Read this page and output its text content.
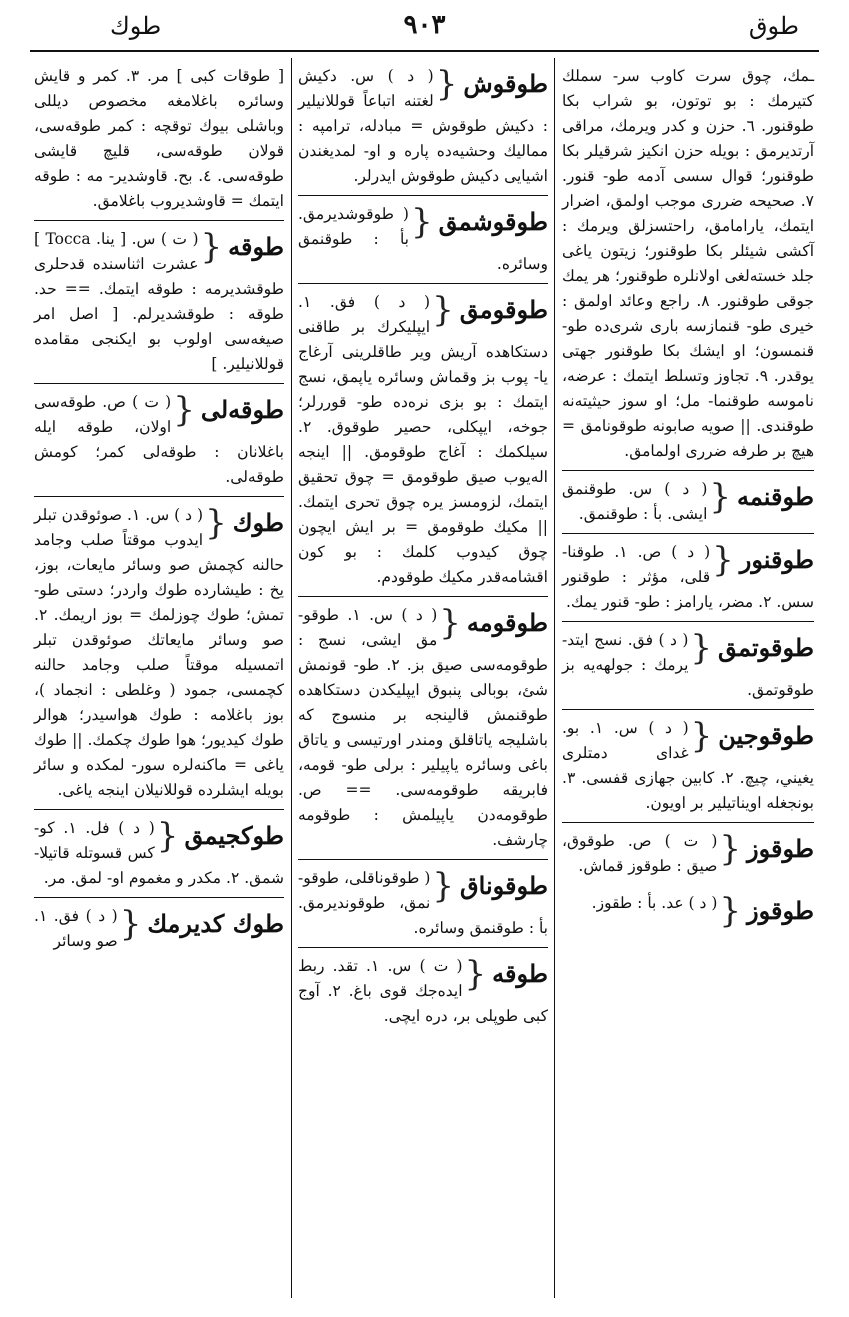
طوك	٩٠٣	طوق
ـمك، چوق سرت كاوب سر- سملك كتيرمك : بو توتون، بو شراب بكا طوقنور. ٦. حزن و كدر ويرمك، مراقى آرتديرمق : بويله حزن انكيز شرقيلر بكا طوقنور؛ قوال سسى آدمه طو- قنور. ٧. صحيحه ضررى موجب اولمق، اضرار ايتمك، يارامامق، راحتسزلق ويرمك : آكشى شيئلر بكا طوقنور؛ زيتون ياغى جلد خسته‌لغى اولانلره طوقنور؛ هر يمك جوقى طوقنور. ٨. راجع وعائد اولمق : خيرى طو- قنمازسه بارى شرى‌ده طو- قنمسون؛ او ايشك بكا طوقنور جهتى يوقدر. ٩. تجاوز وتسلط ايتمك : عرضه، ناموسه طوقنما- مل؛ او سوز حيثيته‌نه طوقندى. || صويه صابونه طوقونامق = هيچ بر طرفه ضررى اولمامق.
طوقنمه
{
( د ) س. طوقنمق ايشى. بأ : طوقنمق.
طوقنور
{
( د ) ص. ١. طوقنا- قلى، مؤثر : طوقنور سس. ٢. مضر، يارامز : طو- قنور يمك.
طوقوتمق
{
( د ) فق. نسج ايتد- يرمك : جولهه‌يه بز طوقوتمق.
طوقوجين
{
( د ) س. ١. بو. غداى دمتلرى يغيني، چيچ. ٢. كابين جهازى قفسى. ٣. بونجغله اويناتيلير بر اويون.
طوقوز
{
( ت ) ص. طوقوق، صيق : طوقوز قماش.
طوقوز
{
( د ) عد. بأ : طقوز.
طوقوش
{
( د ) س. دكيش لغتنه اتباعاً قوللانيلير : دكيش طوقوش = مبادله، ترامپه : مماليك وحشيه‌ده پاره و او- لمديغندن اشيايى دكيش طوقوش ايدرلر.
طوقوشمق
{
( طوقوشديرمق. بأ : طوقنمق وسائره.
طوقومق
{
( د ) فق. ١. ايپليكرك بر طاقنى دستكاهده آريش وير طاقلرينى آرغاج يا- پوب بز وقماش وسائره ياپمق، نسج ايتمك : بو بزى نره‌ده طو- قوررلر؛ جوخه، ايپكلى، حصير طوقوق. ٢. سيلكمك : آغاج طوقومق. || اينجه اله‌يوب صيق طوقومق = چوق تحقيق ايتمك، لزومسز يره چوق تحرى ايتمك. || مكيك طوقومق = بر ايش ايچون چوق كيدوب كلمك : بو كون اقشامه‌قدر مكيك طوقودم.
طوقومه
{
( د ) س. ١. طوقو- مق ايشى، نسج : طوقومه‌سى صيق بز. ٢. طو- قونمش شئ، بوبالى پنبوق ايپليكدن دستكاهده طوقنمش قالينجه بر منسوج كه باشليجه ياتاقلق ومندر اورتيسى و ياتاق باغى وسائره ياپيلير : برلى طو- قومه، فابريقه طوقومه‌سى. == ص. طوقومه‌دن ياپيلمش : طوقومه چارشف.
طوقوناق
{
( طوقوناقلى، طوقو- نمق، طوقونديرمق. بأ : طوقنمق وسائره.
طوقه
{
( ت ) س. ١. تقد. ربط ايده‌جك قوى باغ. ٢. آوج كبى طوپلى بر، دره ايچى.
[ طوقات كبى ] مر. ٣. كمر و قايش وسائره باغلامغه مخصوص ديللى وباشلى بيوك توقچه : كمر طوقه‌سى، قولان طوقه‌سى، قليچ قايشى طوقه‌سى. ٤. بح. قاوشدير- مه : طوقه ايتمك = قاوشديروب باغلامق.
طوقه
{
( ت ) س. [ ينا. Tocca ] عشرت اثناسنده قدحلرى طوقشديرمه : طوقه ايتمك. == حد. طوقه : طوقشديرلم. [ اصل امر صيغه‌سى اولوب بو ايكنجى مقامده قوللانيلير. ]
طوقه‌لى
{
( ت ) ص. طوقه‌سى اولان، طوقه ايله باغلانان : طوقه‌لى كمر؛ كومش طوقه‌لى.
طوك
{
( د ) س. ١. صوئوقدن تبلر ايدوب موقتاً صلب وجامد حالنه كچمش صو وسائر مايعات، بوز، يخ : طيشارده طوك واردر؛ دستى طو- تمش؛ طوك چوزلمك = بوز اريمك. ٢. صو وسائر مايعاتك صوئوقدن تبلر اتمسيله موقتاً صلب وجامد حالنه كچمسى، جمود ( وغلطى : انجماد )، بوز باغلامه : طوك هواسيدر؛ هوالر طوك كيديور؛ هوا طوك چكمك. || طوك ياغى = ماكنه‌لره سور- لمكده و سائر بويله ايشلرده قوللانيلان اينجه ياغى.
طوكجيمق
{
( د ) فل. ١. كو- كس قسوتله قاتيلا- شمق. ٢. مكدر و مغموم او- لمق. مر.
طوك كديرمك
{
( د ) فق. ١. صو وسائر
